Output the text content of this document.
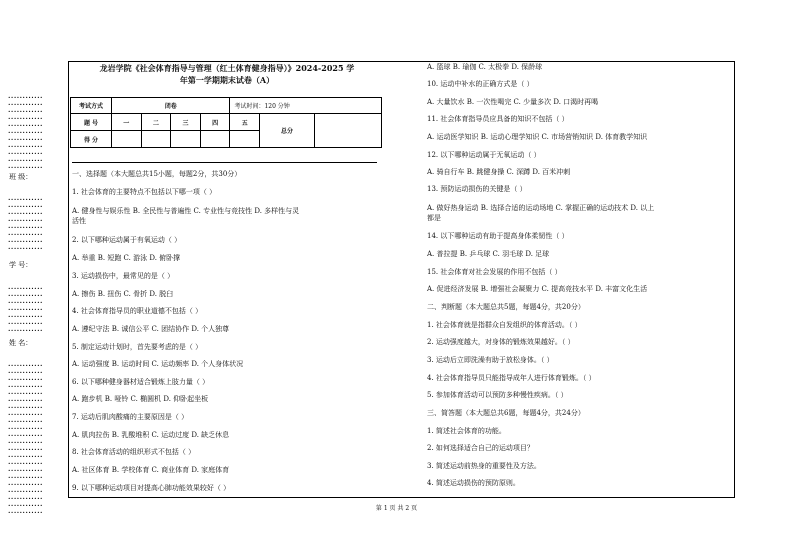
••••••••••••
••••••••••••
••••••••••••
••••••••••••
••••••••••••
••••••••••••
••••••••••••
••••••••••••
••••••••••••
••••••••••••
••••••••••••
班 级：
••••••••••••
••••••••••••
••••••••••••
••••••••••••
••••••••••••
••••••••••••
••••••••••••
••••••••••••
学 号：
••••••••••••
••••••••••••
••••••••••••
••••••••••••
••••••••••••
••••••••••••
••••••••••••
姓 名：
••••••••••••
••••••••••••
••••••••••••
••••••••••••
••••••••••••
••••••••••••
••••••••••••
••••••••••••
••••••••••••
••••••••••••
••••••••••••
••••••••••••
••••••••••••
••••••••••••
••••••••••••
••••••••••••
••••••••••••
••••••••••••
••••••••••••
••••••••••••
••••••••••••
••••••••••••
龙岩学院《社会体育指导与管理（红土体育健身指导）》2024-2025 学
年第一学期期末试卷（A）
考试方式	闭卷				考试时间：120 分钟		
题 号	一	二	三	四	五	总分	
得 分							
一、选择题（本大题总共15小题，每题2分，共30分）
1. 社会体育的主要特点不包括以下哪一项（ ）
A. 健身性与娱乐性 B. 全民性与普遍性 C. 专业性与竞技性 D. 多样性与灵
活性
2. 以下哪种运动属于有氧运动（ ）
A. 举重 B. 短跑 C. 游泳 D. 俯卧撑
3. 运动损伤中，最常见的是（ ）
A. 擦伤 B. 扭伤 C. 骨折 D. 脱臼
4. 社会体育指导员的职业道德不包括（ ）
A. 遵纪守法 B. 诚信公平 C. 团结协作 D. 个人独尊
5. 制定运动计划时，首先要考虑的是（ ）
A. 运动强度 B. 运动时间 C. 运动频率 D. 个人身体状况
6. 以下哪种健身器材适合锻炼上肢力量（ ）
A. 跑步机 B. 哑铃 C. 椭圆机 D. 仰卧起坐板
7. 运动后肌肉酸痛的主要原因是（ ）
A. 肌肉拉伤 B. 乳酸堆积 C. 运动过度 D. 缺乏休息
8. 社会体育活动的组织形式不包括（ ）
A. 社区体育 B. 学校体育 C. 商业体育 D. 家庭体育
9. 以下哪种运动项目对提高心肺功能效果较好（ ）
A. 篮球 B. 瑜伽 C. 太极拳 D. 保龄球
10. 运动中补水的正确方式是（ ）
A. 大量饮水 B. 一次性喝完 C. 少量多次 D. 口渴时再喝
11. 社会体育指导员应具备的知识不包括（ ）
A. 运动医学知识 B. 运动心理学知识 C. 市场营销知识 D. 体育教学知识
12. 以下哪种运动属于无氧运动（ ）
A. 骑自行车 B. 跳健身操 C. 深蹲 D. 百米冲刺
13. 预防运动损伤的关键是（ ）
A. 做好热身运动 B. 选择合适的运动场地 C. 掌握正确的运动技术 D. 以上
都是
14. 以下哪种运动有助于提高身体柔韧性（ ）
A. 普拉提 B. 乒乓球 C. 羽毛球 D. 足球
15. 社会体育对社会发展的作用不包括（ ）
A. 促进经济发展 B. 增强社会凝聚力 C. 提高竞技水平 D. 丰富文化生活
二、判断题（本大题总共5题，每题4分，共20分）
1. 社会体育就是指群众自发组织的体育活动。（ ）
2. 运动强度越大，对身体的锻炼效果越好。（ ）
3. 运动后立即洗澡有助于放松身体。（ ）
4. 社会体育指导员只能指导成年人进行体育锻炼。（ ）
5. 参加体育活动可以预防多种慢性疾病。（ ）
三、简答题（本大题总共6题，每题4分，共24分）
1. 简述社会体育的功能。
2. 如何选择适合自己的运动项目？
3. 简述运动前热身的重要性及方法。
4. 简述运动损伤的预防原则。
第 1 页 共 2 页
